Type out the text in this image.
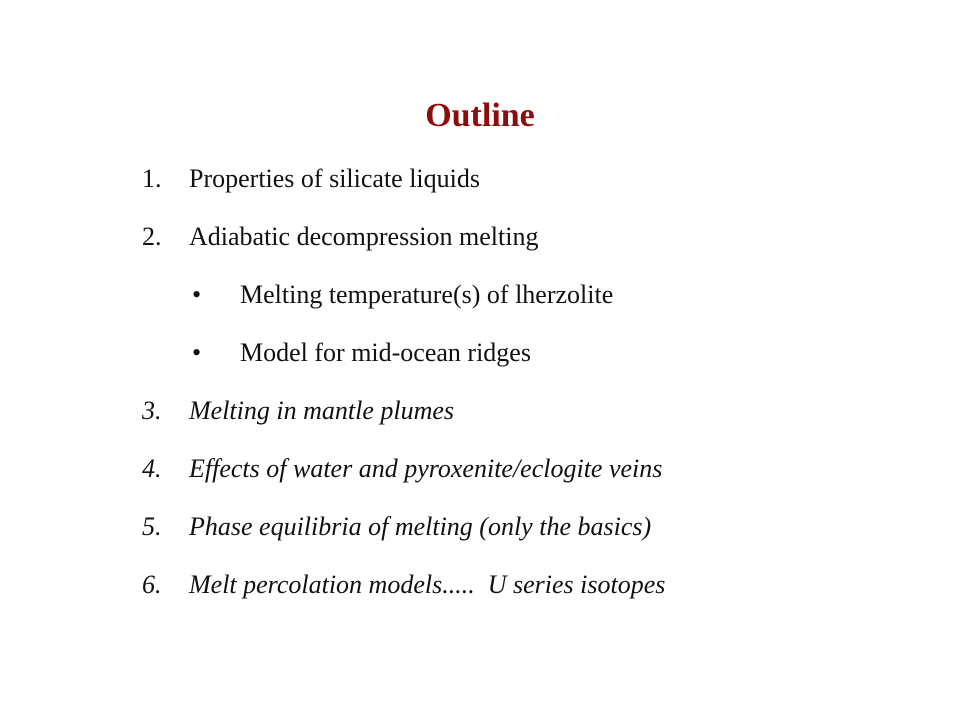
Outline
1. Properties of silicate liquids
2. Adiabatic decompression melting
• Melting temperature(s) of lherzolite
• Model for mid-ocean ridges
3. Melting in mantle plumes
4. Effects of water and pyroxenite/eclogite veins
5. Phase equilibria of melting (only the basics)
6. Melt percolation models.....  U series isotopes
